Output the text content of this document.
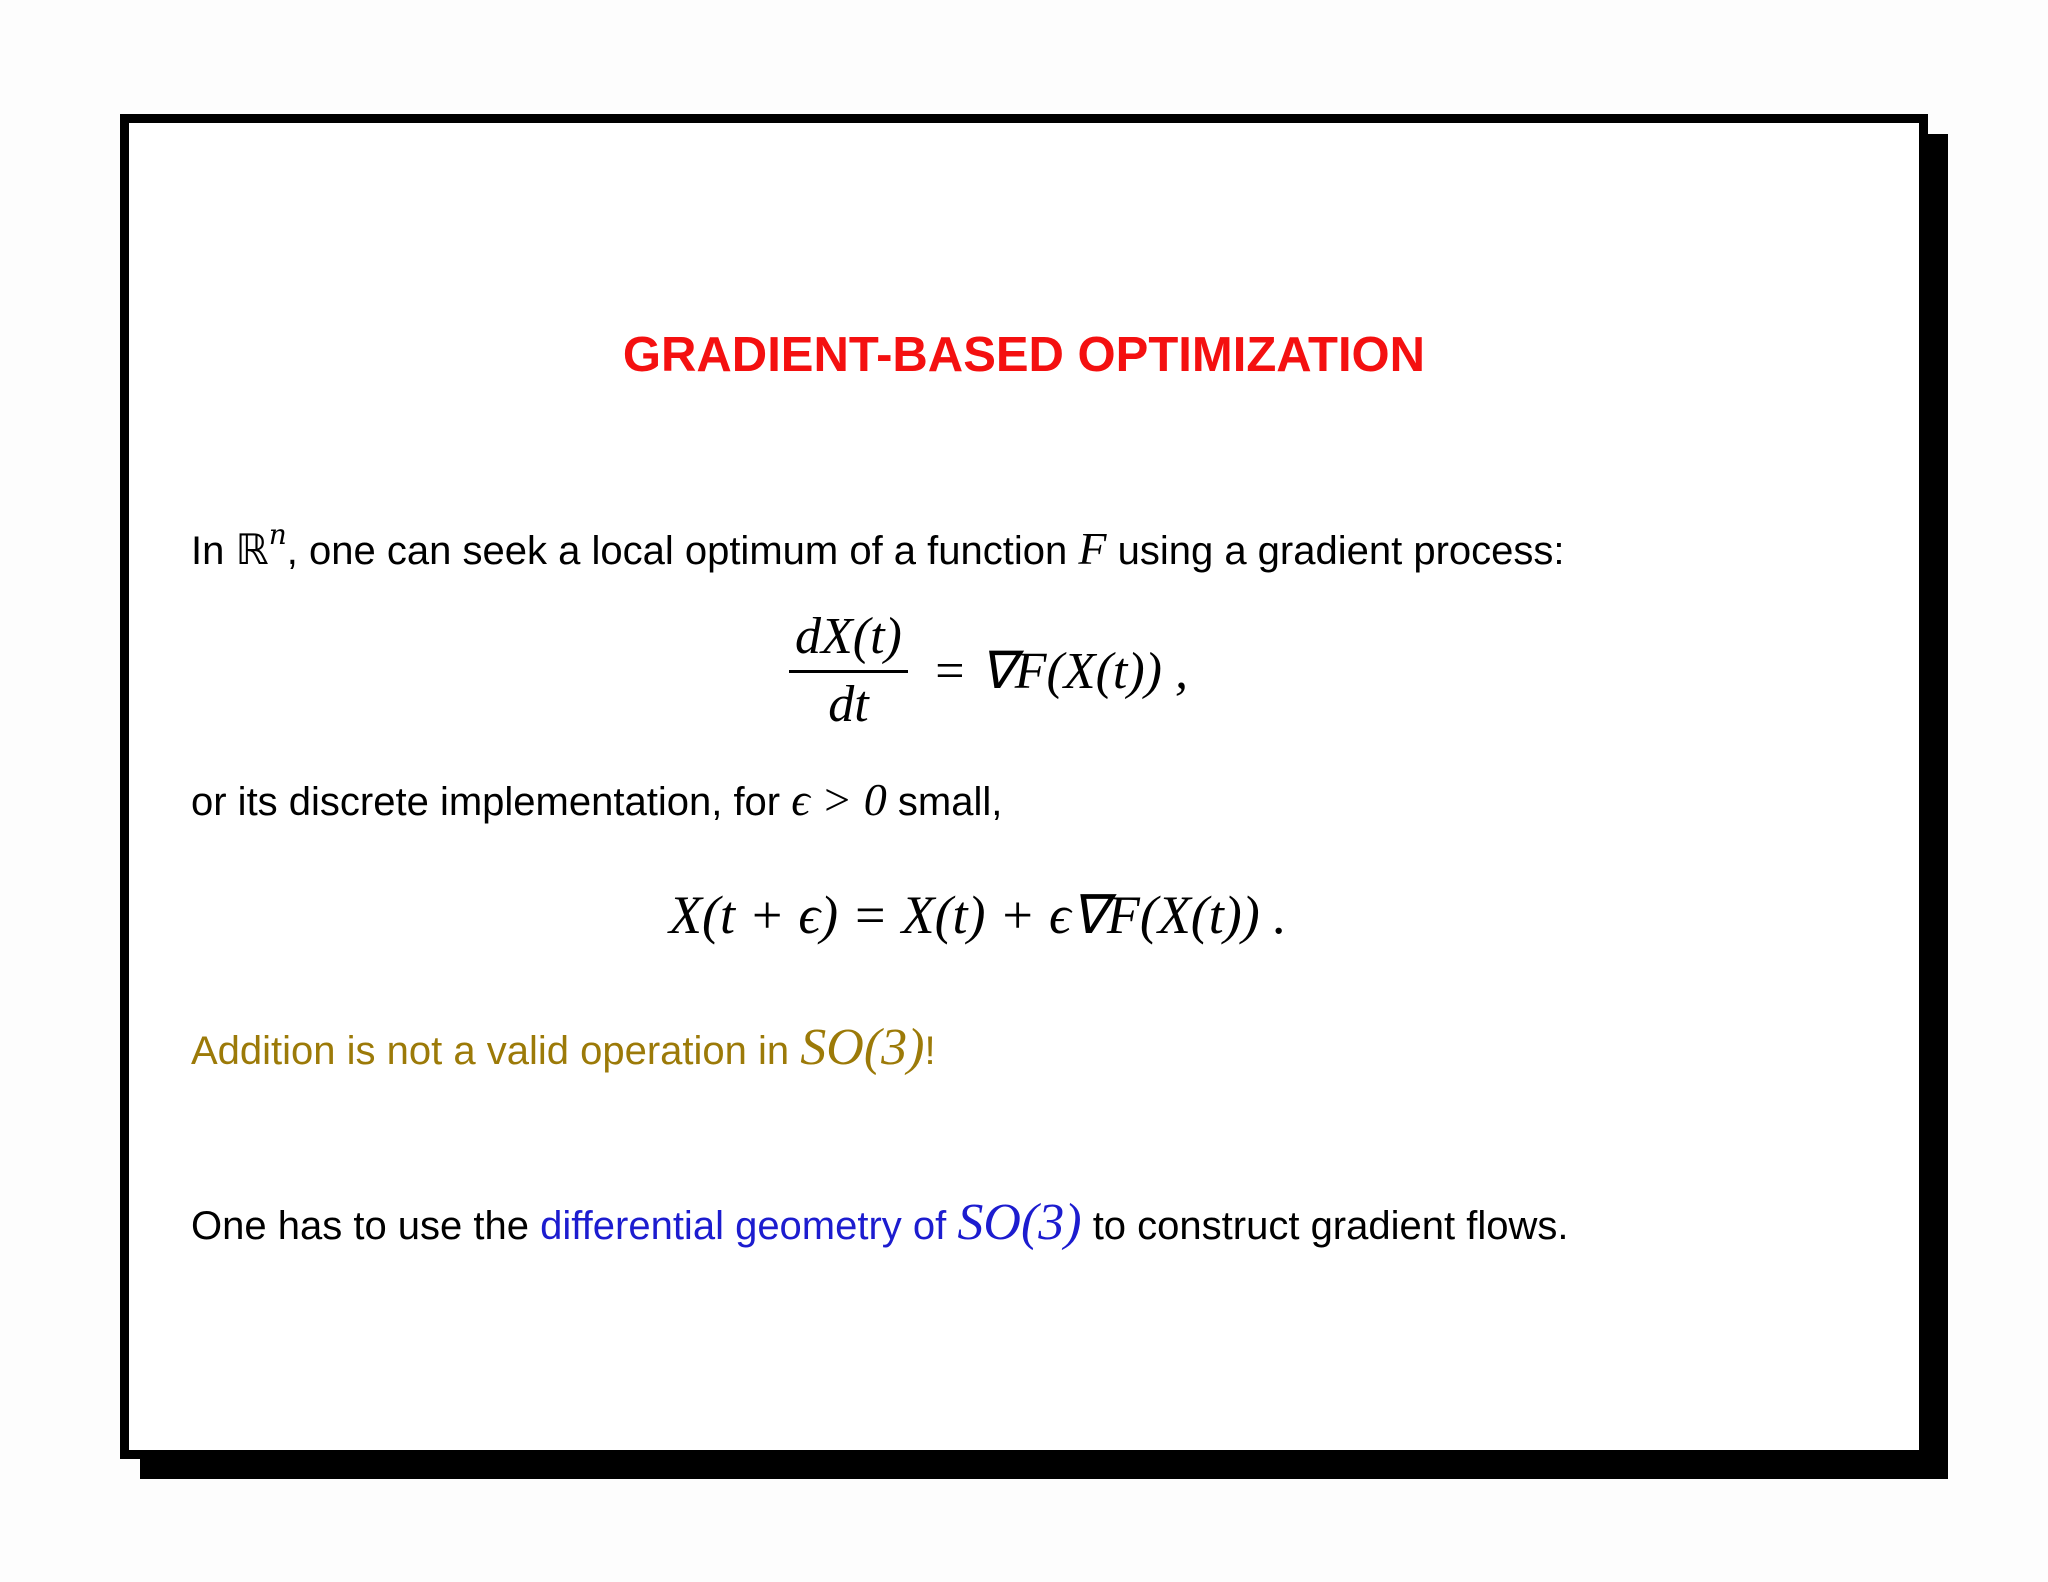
GRADIENT-BASED OPTIMIZATION
In ℝ$^n$, one can seek a local optimum of a function F using a gradient process:
$\frac{dX(t)}{dt} = \nabla F(X(t))$ ,
or its discrete implementation, for ϵ > 0 small,
X(t + ϵ) = X(t) + ϵ∇F(X(t)) .
Addition is not a valid operation in SO(3)!
One has to use the differential geometry of SO(3) to construct gradient flows.
